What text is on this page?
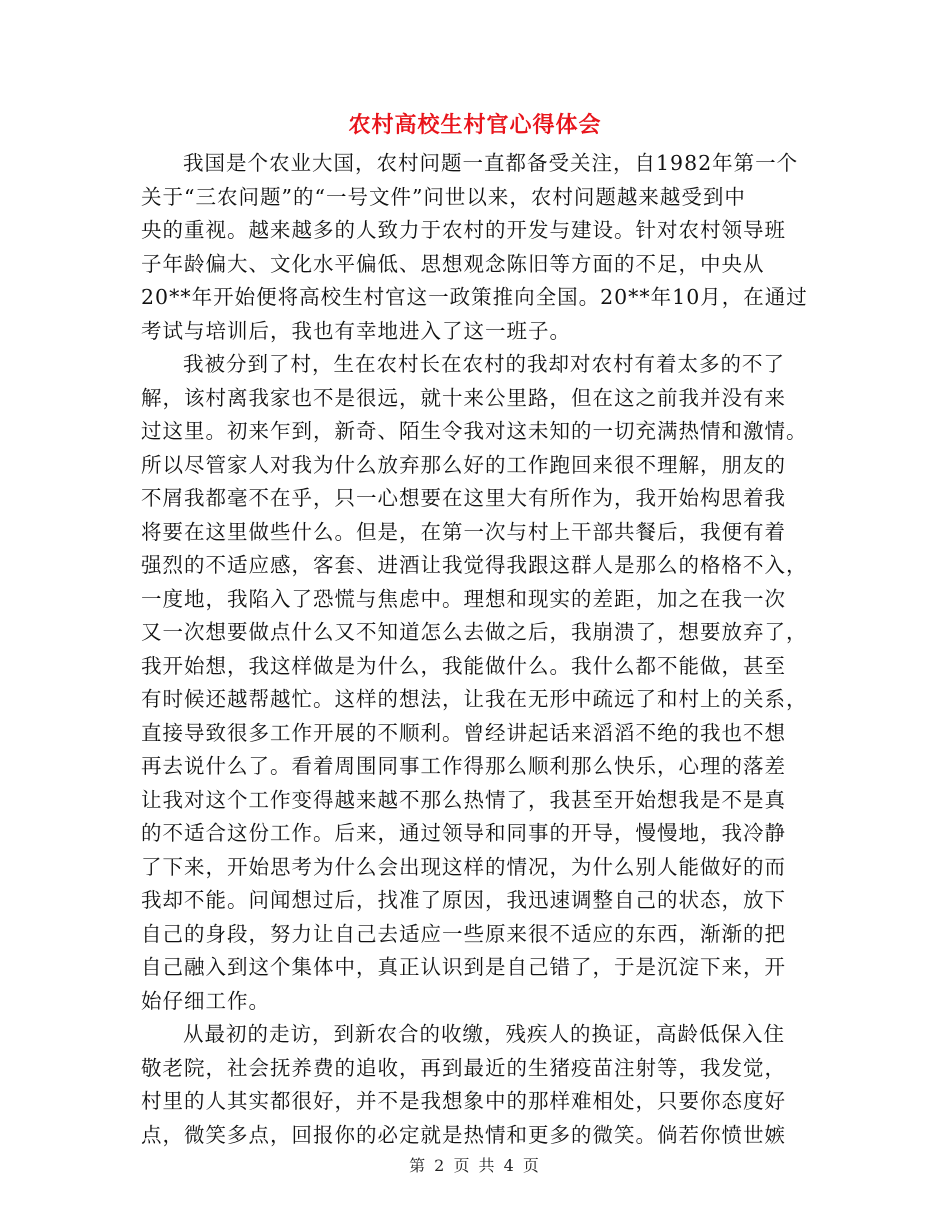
农村高校生村官心得体会
我国是个农业大国，农村问题一直都备受关注，自1982年第一个
关于“三农问题”的“一号文件”问世以来，农村问题越来越受到中
央的重视。越来越多的人致力于农村的开发与建设。针对农村领导班
子年龄偏大、文化水平偏低、思想观念陈旧等方面的不足，中央从
20**年开始便将高校生村官这一政策推向全国。20**年10月，在通过
考试与培训后，我也有幸地进入了这一班子。
我被分到了村，生在农村长在农村的我却对农村有着太多的不了
解，该村离我家也不是很远，就十来公里路，但在这之前我并没有来
过这里。初来乍到，新奇、陌生令我对这未知的一切充满热情和激情。
所以尽管家人对我为什么放弃那么好的工作跑回来很不理解，朋友的
不屑我都毫不在乎，只一心想要在这里大有所作为，我开始构思着我
将要在这里做些什么。但是，在第一次与村上干部共餐后，我便有着
强烈的不适应感，客套、进酒让我觉得我跟这群人是那么的格格不入，
一度地，我陷入了恐慌与焦虑中。理想和现实的差距，加之在我一次
又一次想要做点什么又不知道怎么去做之后，我崩溃了，想要放弃了，
我开始想，我这样做是为什么，我能做什么。我什么都不能做，甚至
有时候还越帮越忙。这样的想法，让我在无形中疏远了和村上的关系，
直接导致很多工作开展的不顺利。曾经讲起话来滔滔不绝的我也不想
再去说什么了。看着周围同事工作得那么顺利那么快乐，心理的落差
让我对这个工作变得越来越不那么热情了，我甚至开始想我是不是真
的不适合这份工作。后来，通过领导和同事的开导，慢慢地，我冷静
了下来，开始思考为什么会出现这样的情况，为什么别人能做好的而
我却不能。问闻想过后，找准了原因，我迅速调整自己的状态，放下
自己的身段，努力让自己去适应一些原来很不适应的东西，渐渐的把
自己融入到这个集体中，真正认识到是自己错了，于是沉淀下来，开
始仔细工作。
从最初的走访，到新农合的收缴，残疾人的换证，高龄低保入住
敬老院，社会抚养费的追收，再到最近的生猪疫苗注射等，我发觉，
村里的人其实都很好，并不是我想象中的那样难相处，只要你态度好
点，微笑多点，回报你的必定就是热情和更多的微笑。倘若你愤世嫉
第 2 页 共 4 页
